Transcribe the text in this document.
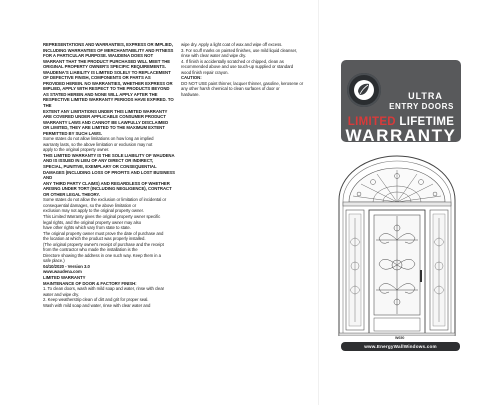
REPRESENTATIONS AND WARRANTIES, EXPRESS OR IMPLIED,
INCLUDING WARRANTIES OF MERCHANTABILITY AND FITNESS
FOR A PARTICULAR PURPOSE. WAUDENA DOES NOT
WARRANT THAT THE PRODUCT PURCHASED WILL MEET THE
ORIGINAL PROPERTY OWNER'S SPECIFIC REQUIREMENTS.
WAUDENA'S LIABILITY IS LIMITED SOLELY TO REPLACEMENT
OF DEFECTIVE FINISH, COMPONENTS OR PARTS AS
PROVIDED HEREIN. NO WARRANTIES, WHETHER EXPRESS OR
IMPLIED, APPLY WITH RESPECT TO THE PRODUCTS BEYOND
AS STATED HEREIN AND NONE WILL APPLY AFTER THE
RESPECTIVE LIMITED WARRANTY PERIODS HAVE EXPIRED. TO
THE
EXTENT ANY LIMITATIONS UNDER THIS LIMITED WARRANTY
ARE COVERED UNDER APPLICABLE CONSUMER PRODUCT
WARRANTY LAWS AND CANNOT BE LAWFULLY DISCLAIMED
OR LIMITED, THEY ARE LIMITED TO THE MAXIMUM EXTENT
PERMITTED BY SUCH LAWS.
Some states do not allow limitations on how long an implied
warranty lasts, so the above limitation or exclusion may not
apply to the original property owner.
THIS LIMITED WARRANTY IS THE SOLE LIABILITY OF WAUDENA
AND IS ISSUED IN LIEU OF ANY DIRECT OR INDIRECT,
SPECIAL, PUNITIVE, EXEMPLARY OR CONSEQUENTIAL
DAMAGES (INCLUDING LOSS OF PROFITS AND LOST BUSINESS
AND
ANY THIRD PARTY CLAIMS) AND REGARDLESS OF WHETHER
ARISING UNDER TORT (INCLUDING NEGLIGENCE), CONTRACT
OR OTHER LEGAL THEORY.
Some states do not allow the exclusion or limitation of incidental or
consequential damages, so the above limitation or
exclusion may not apply to the original property owner.
This Limited Warranty gives the original property owner specific
legal rights, and the original property owner may also
have other rights which vary from state to state.
The original property owner must prove the date of purchase and
the location at which the product was properly installed.
(The original property owner's receipt of purchase and the receipt
from the contractor who made the installation is the
Directore showing the address in one such way. Keep them in a
safe place.)
04/10/2020 - Version 3.0
www.waudena.com
LIMITED WARRANTY
MAINTENANCE OF DOOR & FACTORY FINISH:
1. To clean doors, wash with mild soap and water, rinse with clear
water and wipe dry.
2. Keep weatherstrip clean of dirt and grit for proper seal.
Wash with mild soap and water, rinse with clear water and
wipe dry. Apply a light coat of wax and wipe off excess.
3. For scuff marks on painted finishes, use mild liquid cleanser,
rinse with clear water and wipe dry.
4. If finish is accidentally scratched or chipped, clean as
recommended above and use touch-up supplied or standard
wood finish repair crayon.
CAUTION:
DO NOT USE paint thinner, lacquer thinner, gasoline, kerosene or
any other harsh chemical to clean surfaces of door or
hardware.	ULTRA
ENTRY DOORS
LIMITED LIFETIME
WARRANTY
W650
www.EnergyWallWindows.com
